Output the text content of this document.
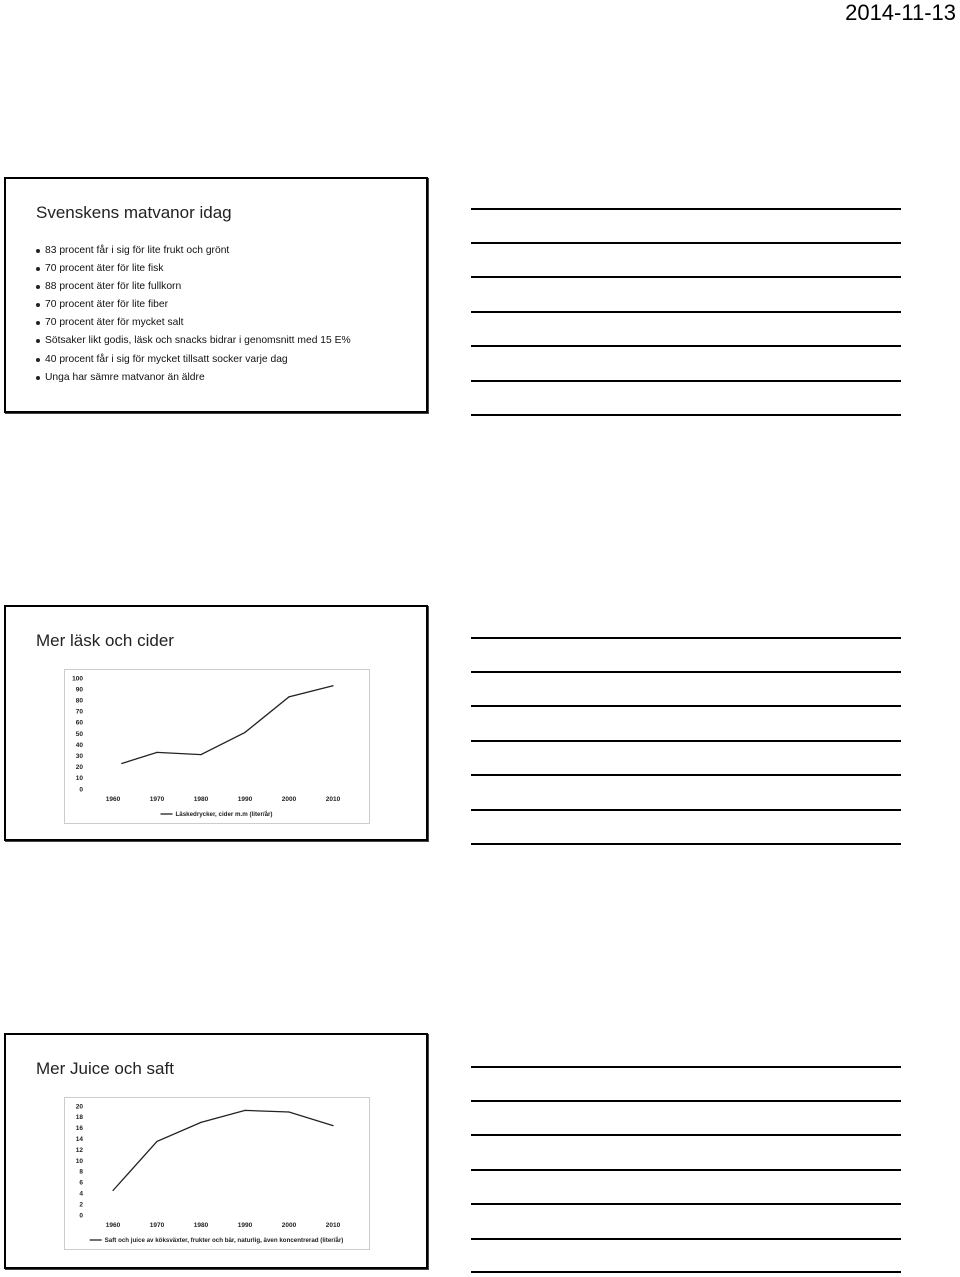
2014-11-13
Svenskens matvanor idag
83 procent får i sig för lite frukt och grönt
70 procent äter för lite fisk
88 procent äter för lite fullkorn
70 procent äter för lite fiber
70 procent äter för mycket salt
Sötsaker likt godis, läsk och snacks bidrar i genomsnitt med 15 E%
40 procent får i sig för mycket tillsatt socker varje dag
Unga har sämre matvanor än äldre
Mer läsk och cider
0
10
20
30
40
50
60
70
80
90
100
1960	1970	1980	1990	2000	2010
Läskedrycker, cider m.m (liter/år)
Mer Juice och saft
0
2
4
6
8
10
12
14
16
18
20
1960	1970	1980	1990	2000	2010
Saft och juice av köksväxter, frukter och bär, naturlig, även koncentrerad (liter/år)
